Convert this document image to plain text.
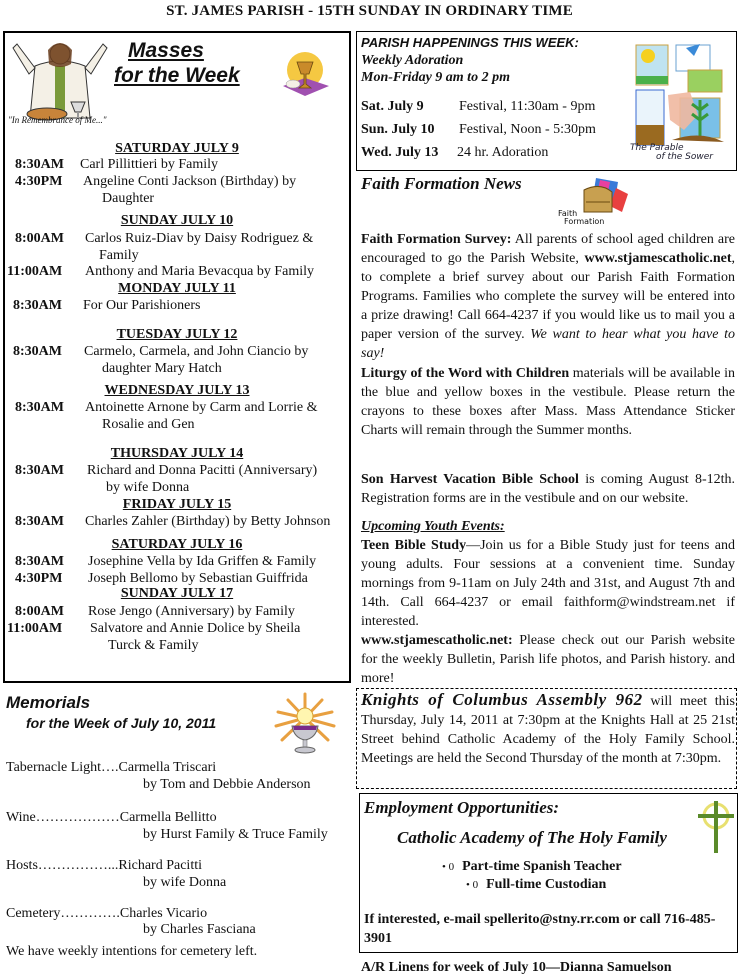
ST. JAMES PARISH - 15TH SUNDAY IN ORDINARY TIME
"In Remembrance of Me..."
Masses
for the Week
SATURDAY JULY 9
8:30AM Carl Pillittieri by Family
4:30PM Angeline Conti Jackson (Birthday) by
Daughter
SUNDAY JULY 10
8:00AM Carlos Ruiz-Diav by Daisy Rodriguez &
Family
11:00AM Anthony and Maria Bevacqua by Family
MONDAY JULY 11
8:30AM For Our Parishioners
TUESDAY JULY 12
8:30AM Carmelo, Carmela, and John Ciancio by
daughter Mary Hatch
WEDNESDAY JULY 13
8:30AM Antoinette Arnone by Carm and Lorrie &
Rosalie and Gen
THURSDAY JULY 14
8:30AM Richard and Donna Pacitti (Anniversary)
by wife Donna
FRIDAY JULY 15
8:30AM Charles Zahler (Birthday) by Betty Johnson
SATURDAY JULY 16
8:30AM Josephine Vella by Ida Griffen & Family
4:30PM Joseph Bellomo by Sebastian Guiffrida
SUNDAY JULY 17
8:00AM Rose Jengo (Anniversary) by Family
11:00AM Salvatore and Annie Dolice by Sheila
Turck & Family
Memorials
for the Week of July 10, 2011
Tabernacle Light….Carmella Triscari
by Tom and Debbie Anderson
Wine………………Carmella Bellitto
by Hurst Family & Truce Family
Hosts……………...Richard Pacitti
by wife Donna
Cemetery………….Charles Vicario
by Charles Fasciana
We have weekly intentions for cemetery left.
PARISH HAPPENINGS THIS WEEK:
Weekly Adoration
Mon-Friday 9 am to 2 pm
Sat. July 9	Festival, 11:30am - 9pm
Sun. July 10 Festival, Noon - 5:30pm
Wed. July 13 24 hr. Adoration	The Parable
of the Sower
Faith Formation News
Faith
Formation
Faith Formation Survey: All parents of school aged children are encouraged to go the Parish Website, www.stjamescatholic.net, to complete a brief survey about our Parish Faith Formation Programs. Families who complete the survey will be entered into a prize drawing! Call 664-4237 if you would like us to mail you a paper version of the survey. We want to hear what you have to say!
Liturgy of the Word with Children materials will be available in the blue and yellow boxes in the vestibule. Please return the crayons to these boxes after Mass. Mass Attendance Sticker Charts will remain through the Summer months.
Son Harvest Vacation Bible School is coming August 8-12th. Registration forms are in the vestibule and on our website.
Upcoming Youth Events:
Teen Bible Study—Join us for a Bible Study just for teens and young adults. Four sessions at a convenient time. Sunday mornings from 9-11am on July 24th and 31st, and August 7th and 14th. Call 664-4237 or email faithform@windstream.net if interested.
www.stjamescatholic.net: Please check out our Parish website for the weekly Bulletin, Parish life photos, and Parish history. and more!
Knights of Columbus Assembly 962 will meet this Thursday, July 14, 2011 at 7:30pm at the Knights Hall at 25 21st Street behind Catholic Academy of the Holy Family School. Meetings are held the Second Thursday of the month at 7:30pm.
Employment Opportunities:
Catholic Academy of The Holy Family
• 0 Part-time Spanish Teacher
• 0 Full-time Custodian
If interested, e-mail spellerito@stny.rr.com or call 716-485-3901
A/R Linens for week of July 10—Dianna Samuelson
